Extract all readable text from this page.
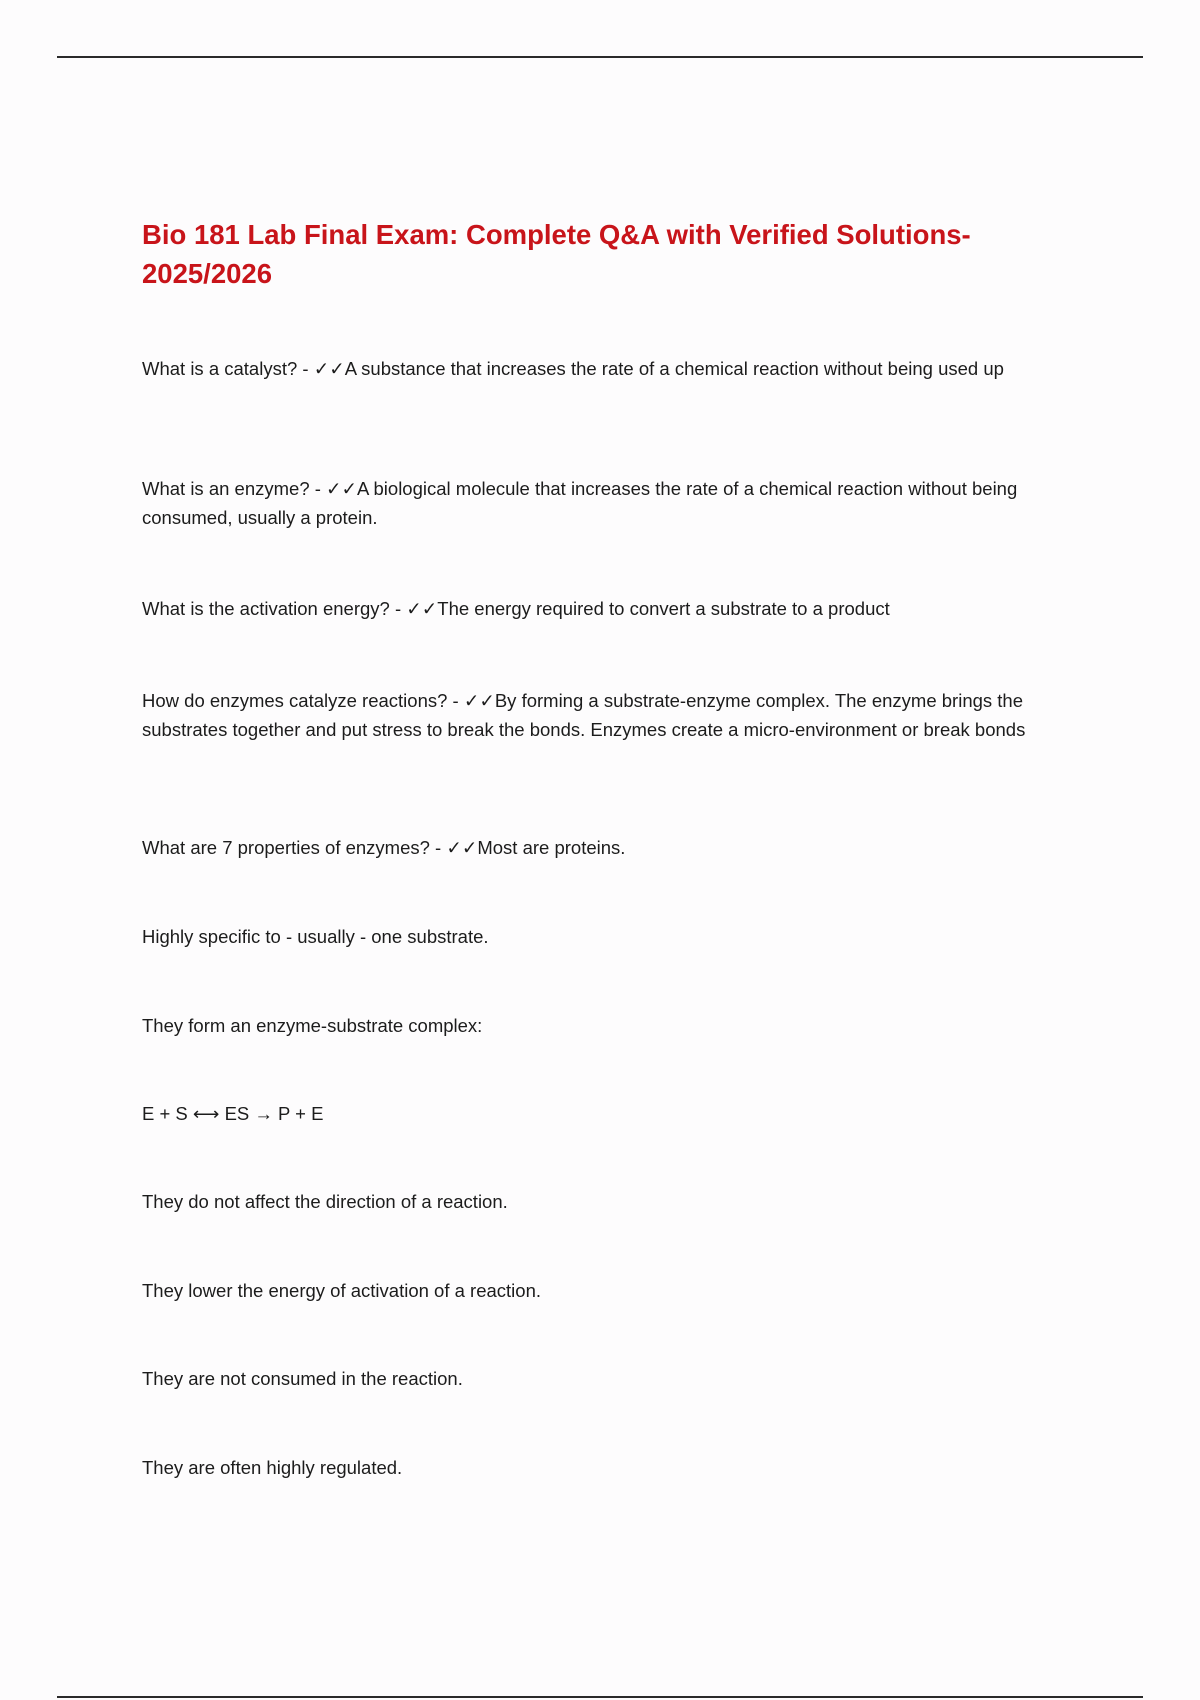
Bio 181 Lab Final Exam: Complete Q&A with Verified Solutions-2025/2026

What is a catalyst? - ✓✓A substance that increases the rate of a chemical reaction without being used up

What is an enzyme? - ✓✓A biological molecule that increases the rate of a chemical reaction without being consumed, usually a protein.

What is the activation energy? - ✓✓The energy required to convert a substrate to a product

How do enzymes catalyze reactions? - ✓✓By forming a substrate-enzyme complex. The enzyme brings the substrates together and put stress to break the bonds. Enzymes create a micro-environment or break bonds

What are 7 properties of enzymes? - ✓✓Most are proteins.

Highly specific to - usually - one substrate.

They form an enzyme-substrate complex:

E + S ⟷ ES → P + E

They do not affect the direction of a reaction.

They lower the energy of activation of a reaction.

They are not consumed in the reaction.

They are often highly regulated.
